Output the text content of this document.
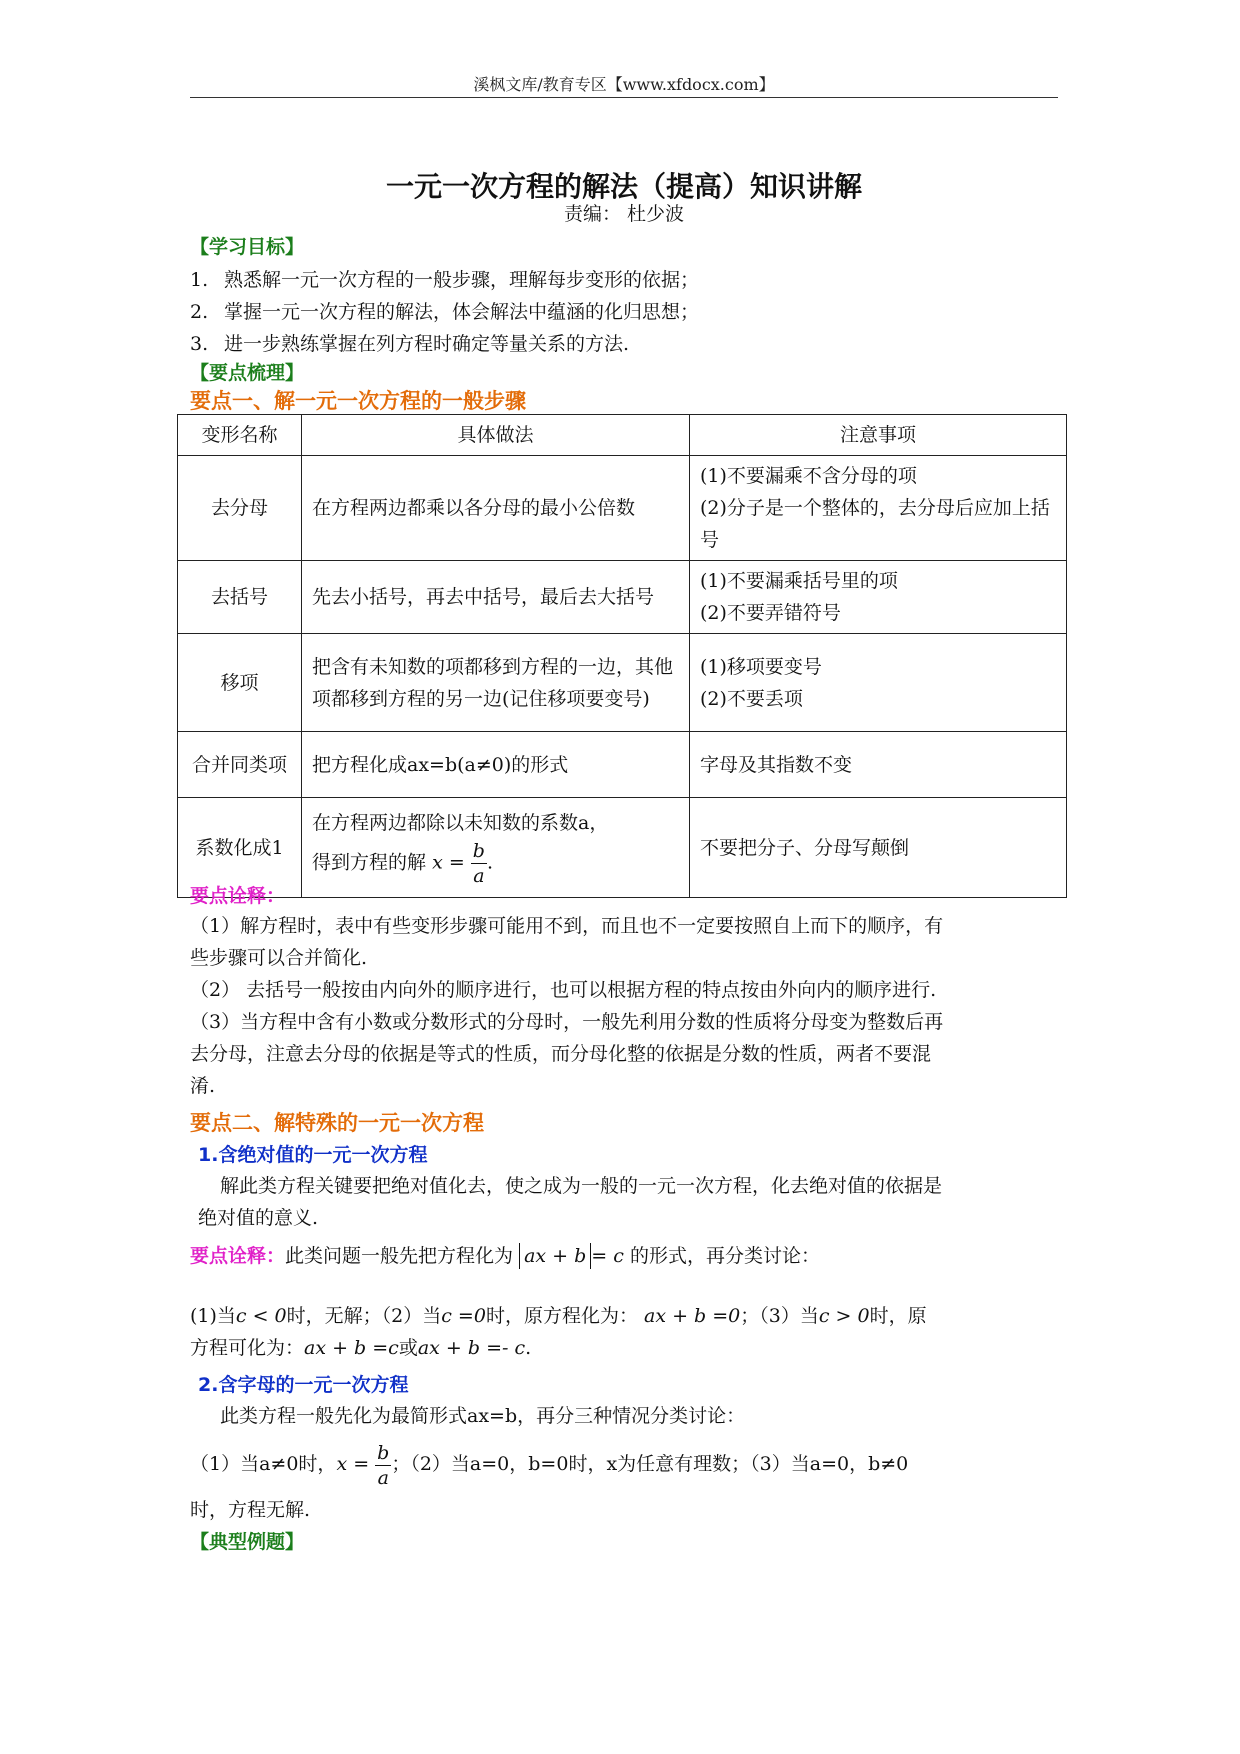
溪枫文库/教育专区【www.xfdocx.com】
一元一次方程的解法（提高）知识讲解
责编： 杜少波
【学习目标】
1. 熟悉解一元一次方程的一般步骤，理解每步变形的依据；
2. 掌握一元一次方程的解法，体会解法中蕴涵的化归思想；
3. 进一步熟练掌握在列方程时确定等量关系的方法.
【要点梳理】
要点一、解一元一次方程的一般步骤
变形名称	具体做法	注意事项
去分母	在方程两边都乘以各分母的最小公倍数	(1)不要漏乘不含分母的项
(2)分子是一个整体的，去分母后应加上括号

去括号	先去小括号，再去中括号，最后去大括号	(1)不要漏乘括号里的项
(2)不要弄错符号

移项	把含有未知数的项都移到方程的一边，其他项都移到方程的另一边(记住移项要变号)	(1)移项要变号
(2)不要丢项

合并同类项	把方程化成ax=b(a≠0)的形式	字母及其指数不变

系数化成1	在方程两边都除以未知数的系数a，
得到方程的解 $x = \frac{b}{a}$ .	不要把分子、分母写颠倒
要点诠释：
（1）解方程时，表中有些变形步骤可能用不到，而且也不一定要按照自上而下的顺序，有
些步骤可以合并简化.
（2） 去括号一般按由内向外的顺序进行，也可以根据方程的特点按由外向内的顺序进行.
（3）当方程中含有小数或分数形式的分母时，一般先利用分数的性质将分母变为整数后再
去分母，注意去分母的依据是等式的性质，而分母化整的依据是分数的性质，两者不要混
淆.
要点二、解特殊的一元一次方程
1.含绝对值的一元一次方程
解此类方程关键要把绝对值化去，使之成为一般的一元一次方程，化去绝对值的依据是
绝对值的意义.
要点诠释：此类问题一般先把方程化为 ax + b = c 的形式，再分类讨论：
(1)当c < 0时，无解；（2）当c =0时，原方程化为： ax + b =0；（3）当c > 0时，原
方程可化为：ax + b =c或ax + b =- c.
2.含字母的一元一次方程
此类方程一般先化为最简形式ax=b，再分三种情况分类讨论：
（1）当a≠0时，$x = \frac{b}{a}$ ；（2）当a=0，b=0时，x为任意有理数；（3）当a=0，b≠0
时，方程无解.
【典型例题】
